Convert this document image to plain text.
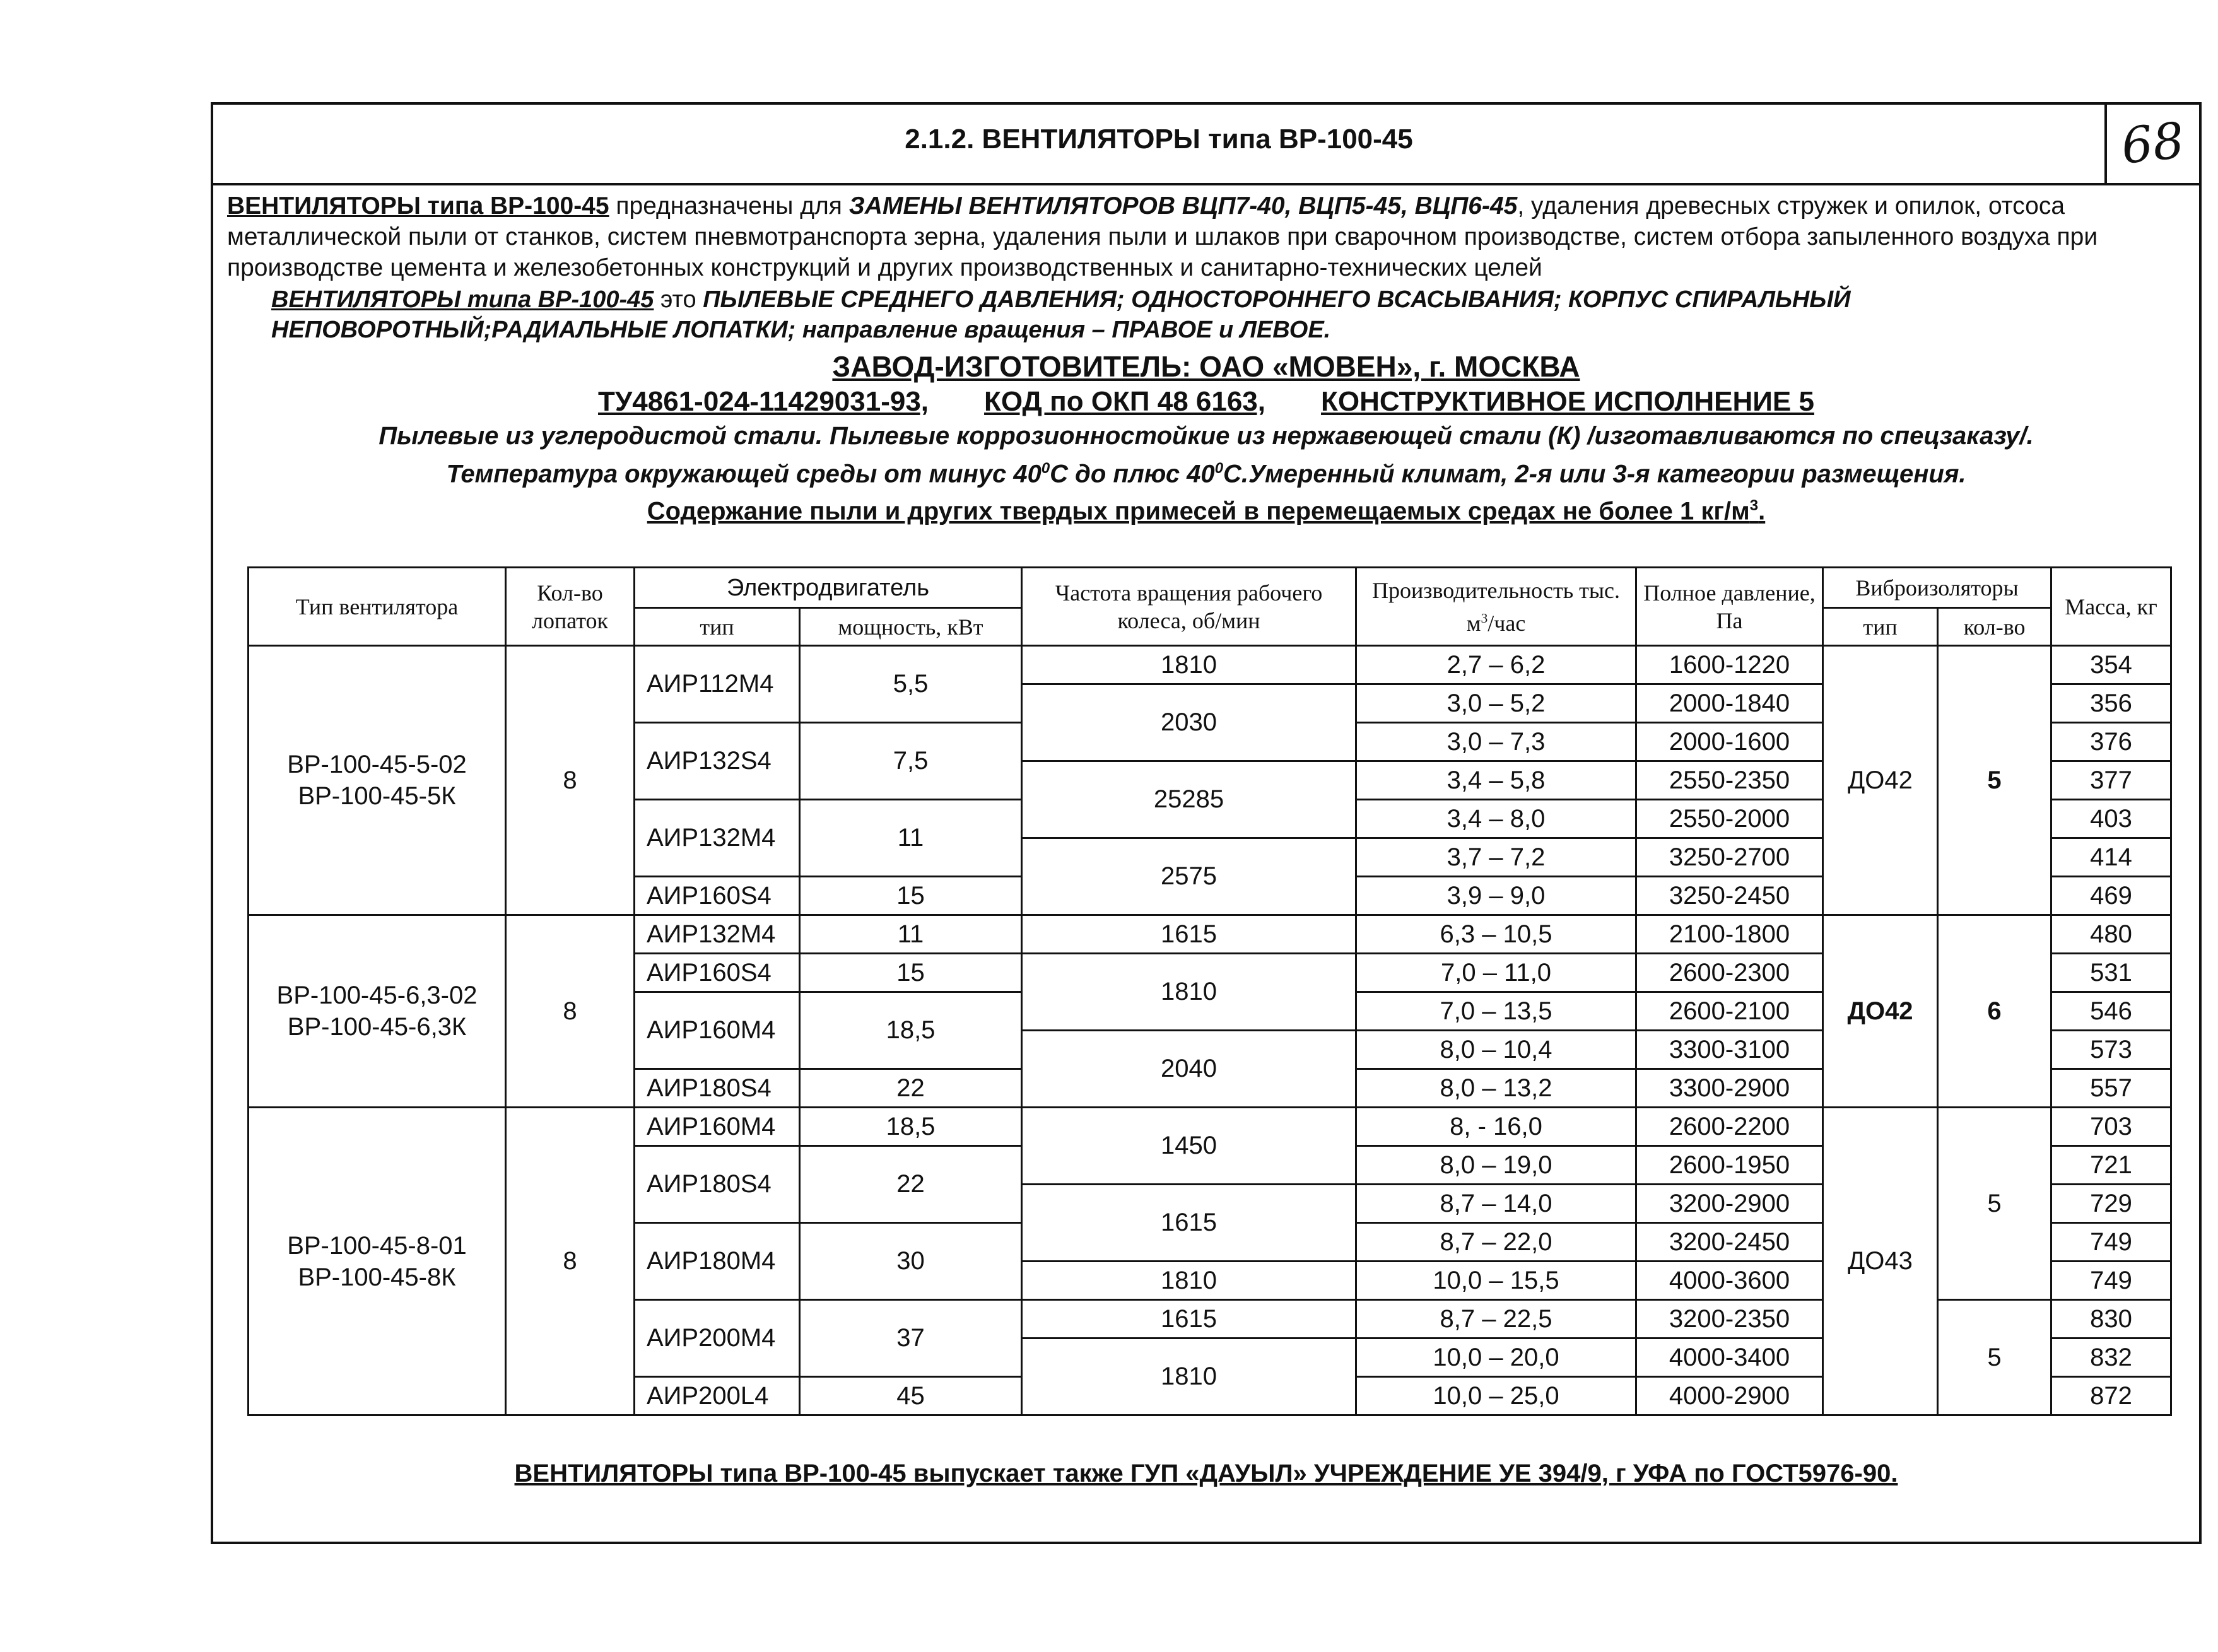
2.1.2. ВЕНТИЛЯТОРЫ типа ВР-100-45	68

ВЕНТИЛЯТОРЫ типа ВР-100-45 предназначены для ЗАМЕНЫ ВЕНТИЛЯТОРОВ ВЦП7-40, ВЦП5-45, ВЦП6-45, удаления древесных стружек и опилок, отсоса металлической пыли от станков, систем пневмотранспорта зерна, удаления пыли и шлаков при сварочном производстве, систем отбора запыленного воздуха при производстве цемента и железобетонных конструкций и других производственных и санитарно-технических целей

ВЕНТИЛЯТОРЫ типа ВР-100-45 это ПЫЛЕВЫЕ СРЕДНЕГО ДАВЛЕНИЯ; ОДНОСТОРОННЕГО ВСАСЫВАНИЯ; КОРПУС СПИРАЛЬНЫЙ НЕПОВОРОТНЫЙ;РАДИАЛЬНЫЕ ЛОПАТКИ; направление вращения – ПРАВОЕ и ЛЕВОЕ.

ЗАВОД-ИЗГОТОВИТЕЛЬ: ОАО «МОВЕН», г. МОСКВА

ТУ4861-024-11429031-93, КОД по ОКП 48 6163, КОНСТРУКТИВНОЕ ИСПОЛНЕНИЕ 5

Пылевые из углеродистой стали. Пылевые коррозионностойкие из нержавеющей стали (К) /изготавливаются по спецзаказу/.

Температура окружающей среды от минус $40^0С$ до плюс $40^0С.Умеренный$ климат, 2-я или 3-я категории размещения.

Содержание пыли и других твердых примесей в перемещаемых средах не более 1 $кг/м^3$.

Тип вентилятора	Кол-во лопаток	Электродвигатель		Частота вращения рабочего колеса, об/мин	Производительность тыс. $м^3$/час	Полное давление, Па	Виброизоляторы		Масса, кг
		тип	мощность, кВт				тип	кол-во	
ВР-100-45-5-02
ВР-100-45-5К	8	АИР112М4	5,5	1810	2,7 – 6,2	1600-1220	ДО42	5	354
				2030	3,0 – 5,2	2000-1840			356
		АИР132S4	7,5		3,0 – 7,3	2000-1600			376
				25285	3,4 – 5,8	2550-2350			377
		АИР132М4	11		3,4 – 8,0	2550-2000			403
				2575	3,7 – 7,2	3250-2700			414
		АИР160S4	15		3,9 – 9,0	3250-2450			469
ВР-100-45-6,3-02
ВР-100-45-6,3К	8	АИР132М4	11	1615	6,3 – 10,5	2100-1800	ДО42	6	480
		АИР160S4	15	1810	7,0 – 11,0	2600-2300			531
		АИР160М4	18,5		7,0 – 13,5	2600-2100			546
				2040	8,0 – 10,4	3300-3100			573
		АИР180S4	22		8,0 – 13,2	3300-2900			557
ВР-100-45-8-01
ВР-100-45-8К	8	АИР160М4	18,5	1450	8, - 16,0	2600-2200	ДО43	5	703
		АИР180S4	22		8,0 – 19,0	2600-1950			721
				1615	8,7 – 14,0	3200-2900			729
		АИР180М4	30		8,7 – 22,0	3200-2450			749
				1810	10,0 – 15,5	4000-3600			749
		АИР200М4	37	1615	8,7 – 22,5	3200-2350		5	830
				1810	10,0 – 20,0	4000-3400			832
		АИР200L4	45		10,0 – 25,0	4000-2900			872
ВЕНТИЛЯТОРЫ типа ВР-100-45 выпускает также ГУП «ДАУЫЛ» УЧРЕЖДЕНИЕ УЕ 394/9, г УФА по ГОСТ5976-90.
